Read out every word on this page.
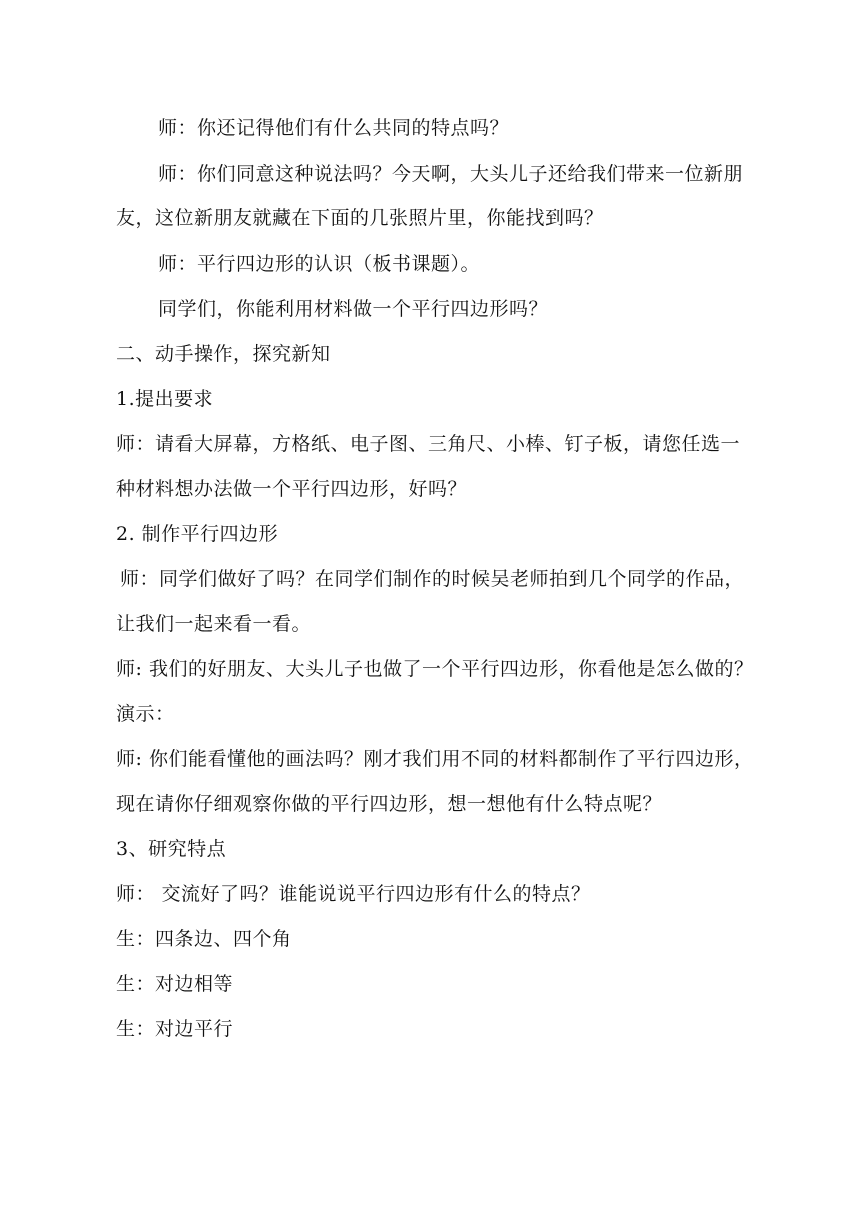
师：你还记得他们有什么共同的特点吗？
师：你们同意这种说法吗？今天啊，大头儿子还给我们带来一位新朋
友，这位新朋友就藏在下面的几张照片里，你能找到吗？
师：平行四边形的认识（板书课题）。
同学们，你能利用材料做一个平行四边形吗？
二、动手操作，探究新知
1.提出要求
师：请看大屏幕，方格纸、电子图、三角尺、小棒、钉子板，请您任选一
种材料想办法做一个平行四边形，好吗？
2. 制作平行四边形
师：同学们做好了吗？在同学们制作的时候吴老师拍到几个同学的作品，
让我们一起来看一看。
师: 我们的好朋友、大头儿子也做了一个平行四边形，你看他是怎么做的？
演示：
师: 你们能看懂他的画法吗？刚才我们用不同的材料都制作了平行四边形，
现在请你仔细观察你做的平行四边形，想一想他有什么特点呢？
3、研究特点
师： 交流好了吗？谁能说说平行四边形有什么的特点？
生：四条边、四个角
生：对边相等
生：对边平行
